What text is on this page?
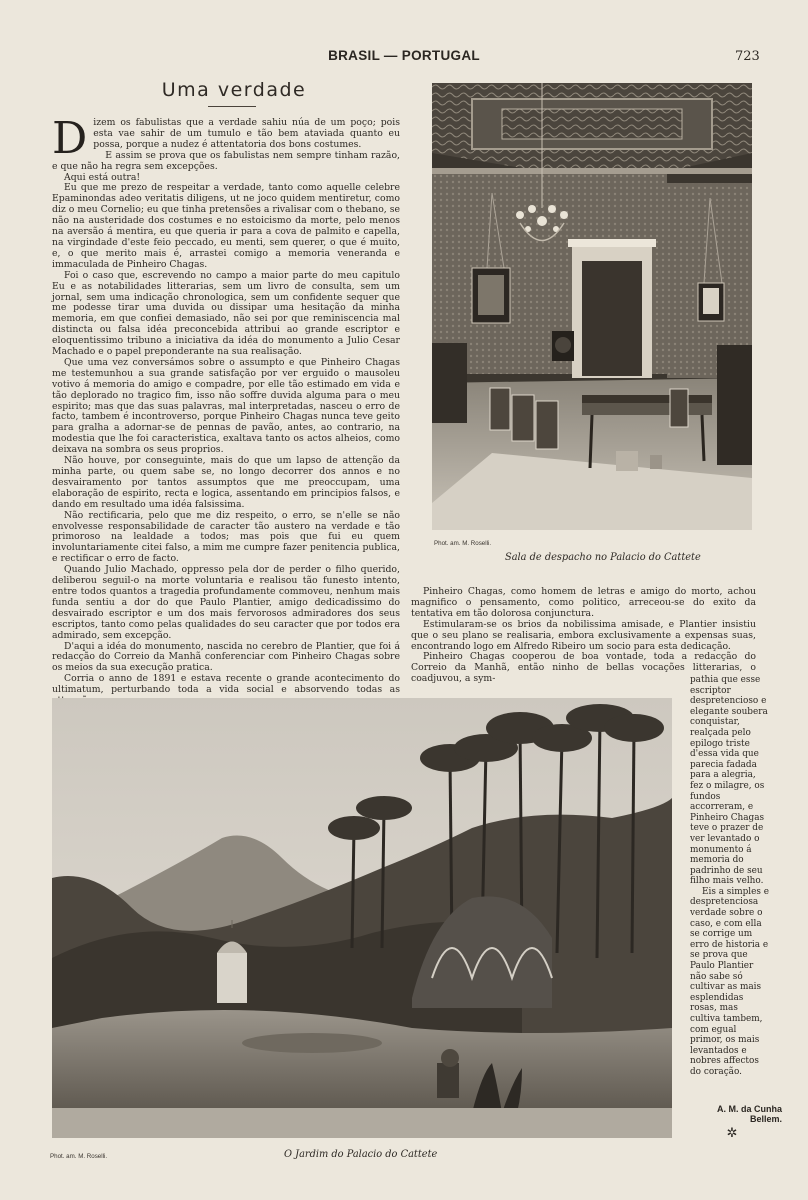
BRASIL — PORTUGAL	723
Uma verdade
D izem os fabulistas que a verdade sahiu núa de um poço; pois esta vae sahir de um tumulo e tão bem ataviada quanto eu possa, porque a nudez é attentatoria dos bons costumes.

E assim se prova que os fabulistas nem sempre tinham razão, e que não ha regra sem excepções.

Aqui está outra!

Eu que me prezo de respeitar a verdade, tanto como aquelle celebre Epaminondas adeo veritatis diligens, ut ne joco quidem mentiretur, como diz o meu Cornelio; eu que tinha pretensões a rivalisar com o thebano, se não na austeridade dos costumes e no estoicismo da morte, pelo menos na aversão á mentira, eu que queria ir para a cova de palmito e capella, na virgindade d'este feio peccado, eu menti, sem querer, o que é muito, e, o que merito mais é, arrastei comigo a memoria veneranda e immaculada de Pinheiro Chagas.

Foi o caso que, escrevendo no campo a maior parte do meu capitulo Eu e as notabilidades litterarias, sem um livro de consulta, sem um jornal, sem uma indicação chronologica, sem um confidente sequer que me podesse tirar uma duvida ou dissipar uma hesitação da minha memoria, em que confiei demasiado, não sei por que reminiscencia mal distincta ou falsa idéa preconcebida attribui ao grande escriptor e eloquentissimo tribuno a iniciativa da idéa do monumento a Julio Cesar Machado e o papel preponderante na sua realisação.

Que uma vez conversámos sobre o assumpto e que Pinheiro Chagas me testemunhou a sua grande satisfação por ver erguido o mausoleu votivo á memoria do amigo e compadre, por elle tão estimado em vida e tão deplorado no tragico fim, isso não soffre duvida alguma para o meu espirito; mas que das suas palavras, mal interpretadas, nasceu o erro de facto, tambem é incontroverso, porque Pinheiro Chagas nunca teve geito para gralha a adornar-se de pennas de pavão, antes, ao contrario, na modestia que lhe foi caracteristica, exaltava tanto os actos alheios, como deixava na sombra os seus proprios.

Não houve, por conseguinte, mais do que um lapso de attenção da minha parte, ou quem sabe se, no longo decorrer dos annos e no desvairamento por tantos assumptos que me preoccupam, uma elaboração de espirito, recta e logica, assentando em principios falsos, e dando em resultado uma idéa falsissima.

Não rectificaria, pelo que me diz respeito, o erro, se n'elle se não envolvesse responsabilidade de caracter tão austero na verdade e tão primoroso na lealdade a todos; mas pois que fui eu quem involuntariamente citei falso, a mim me cumpre fazer penitencia publica, e rectificar o erro de facto.

Quando Julio Machado, oppresso pela dor de perder o filho querido, deliberou seguil-o na morte voluntaria e realisou tão funesto intento, entre todos quantos a tragedia profundamente commoveu, nenhum mais funda sentiu a dor do que Paulo Plantier, amigo dedicadissimo do desvairado escriptor e um dos mais fervorosos admiradores dos seus escriptos, tanto como pelas qualidades do seu caracter que por todos era admirado, sem excepção.

D'aqui a idéa do monumento, nascida no cerebro de Plantier, que foi á redacção do Correio da Manhã conferenciar com Pinheiro Chagas sobre os meios da sua execução pratica.

Corria o anno de 1891 e estava recente o grande acontecimento do ultimatum, perturbando toda a vida social e absorvendo todas as

Phot. am. M. Roselli.
Sala de despacho no Palacio do Cattete

Pinheiro Chagas, como homem de letras e amigo do morto, achou magnifico o pensamento, como politico, arreceou-se do exito da tentativa em tão dolorosa conjunctura.

Estimularam-se os brios da nobilissima amisade, e Plantier insistiu que o seu plano se realisaria, embora exclusivamente a expensas suas, encontrando logo em Alfredo Ribeiro um socio para esta dedicação.

Pinheiro Chagas cooperou de boa vontade, toda a redacção do Correio da Manhã, então ninho de bellas vocações litterarias, o coadjuvou, a sym-	pathia que esse escriptor despretencioso e elegante soubera conquistar, realçada pelo epilogo triste d'essa vida que parecia fadada para a alegria, fez o milagre, os fundos accorreram, e Pinheiro Chagas teve o prazer de ver levantado o monumento á memoria do padrinho de seu filho mais velho.

Eis a simples e despretenciosa verdade sobre o caso, e com ella se corrige um erro de historia e se prova que Paulo Plantier não sabe só cultivar as mais esplendidas rosas, mas cultiva tambem, com egual primor, os mais levantados e nobres affectos do coração.

A. M. da Cunha Bellem.
✲
Phot. am. M. Roselli.	O Jardim do Palacio do Cattete
